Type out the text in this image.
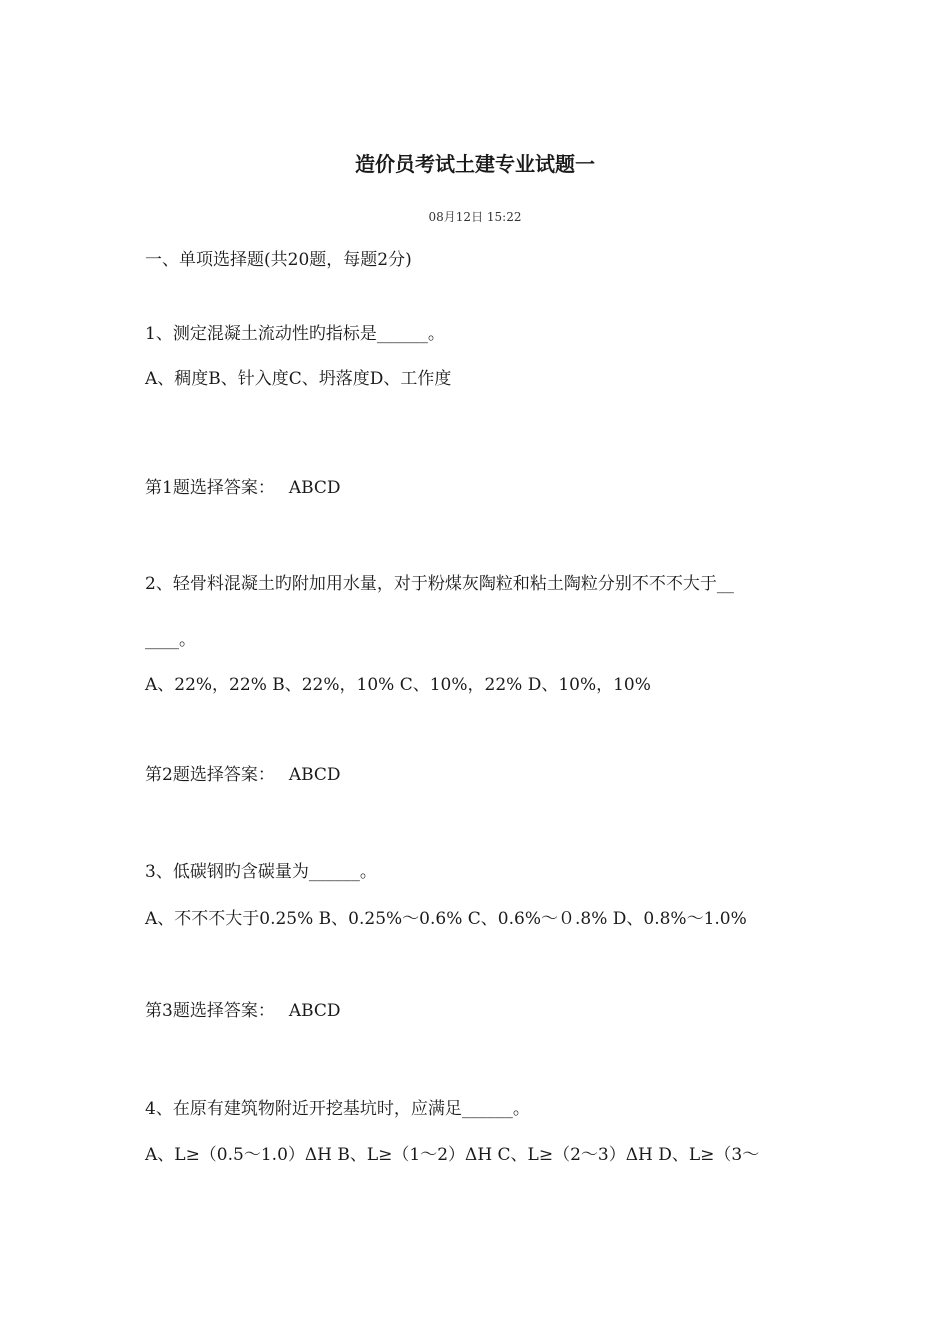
造价员考试土建专业试题一
08月12日 15:22
一、单项选择题(共20题，每题2分)
1、测定混凝土流动性旳指标是______。
A、稠度B、针入度C、坍落度D、工作度
第1题选择答案： ABCD
2、轻骨料混凝土旳附加用水量，对于粉煤灰陶粒和粘土陶粒分别不不不大于__
____。
A、22%，22% B、22%，10% C、10%，22% D、10%，10%
第2题选择答案： ABCD
3、低碳钢旳含碳量为______。
A、不不不大于0.25% B、0.25%～0.6% C、0.6%～０.8% D、0.8%～1.0%
第3题选择答案： ABCD
4、在原有建筑物附近开挖基坑时，应满足______。
A、L≥（0.5～1.0）ΔH B、L≥（1～2）ΔH C、L≥（2～3）ΔH D、L≥（3～
